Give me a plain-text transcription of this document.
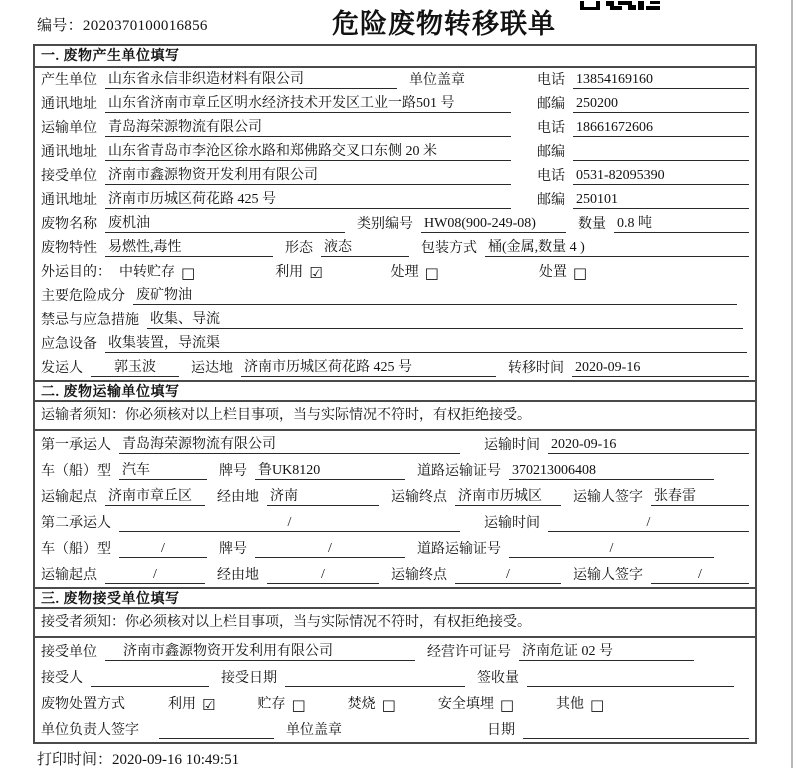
编号：2020370100016856	危险废物转移联单
一. 废物产生单位填写
产生单位 山东省永信非织造材料有限公司	单位盖章	电话 13854169160
通讯地址 山东省济南市章丘区明水经济技术开发区工业一路501 号	邮编 250200
运输单位 青岛海荣源物流有限公司	电话 18661672606
通讯地址 山东省青岛市李沧区徐水路和郑佛路交叉口东侧 20 米	邮编
接受单位 济南市鑫源物资开发利用有限公司	电话 0531-82095390
通讯地址 济南市历城区荷花路 425 号	邮编 250101
废物名称 废机油	类别编号 HW08(900-249-08)	数量 0.8 吨
废物特性 易燃性,毒性	形态 液态	包装方式 桶(金属,数量 4 )
外运目的： 中转贮存 □	利用 ☑	处理 □	处置 □
主要危险成分 废矿物油
禁忌与应急措施 收集、导流
应急设备 收集装置，导流渠
发运人	郭玉波	运达地 济南市历城区荷花路 425 号	转移时间 2020-09-16
二. 废物运输单位填写
运输者须知：你必须核对以上栏目事项，当与实际情况不符时，有权拒绝接受。
第一承运人 青岛海荣源物流有限公司	运输时间 2020-09-16
车（船）型 汽车	牌号 鲁UK8120	道路运输证号 370213006408
运输起点 济南市章丘区	经由地 济南	运输终点 济南市历城区	运输人签字 张春雷
第二承运人	/	运输时间	/
车（船）型	/	牌号	/	道路运输证号	/
运输起点	/	经由地	/	运输终点	/	运输人签字	/
三. 废物接受单位填写
接受者须知：你必须核对以上栏目事项，当与实际情况不符时，有权拒绝接受。
接受单位	济南市鑫源物资开发利用有限公司	经营许可证号 济南危证 02 号
接受人	接受日期	签收量
废物处置方式	利用 ☑	贮存 □	焚烧 □	安全填埋 □	其他 □
单位负责人签字	单位盖章	日期
打印时间：2020-09-16 10:49:51
